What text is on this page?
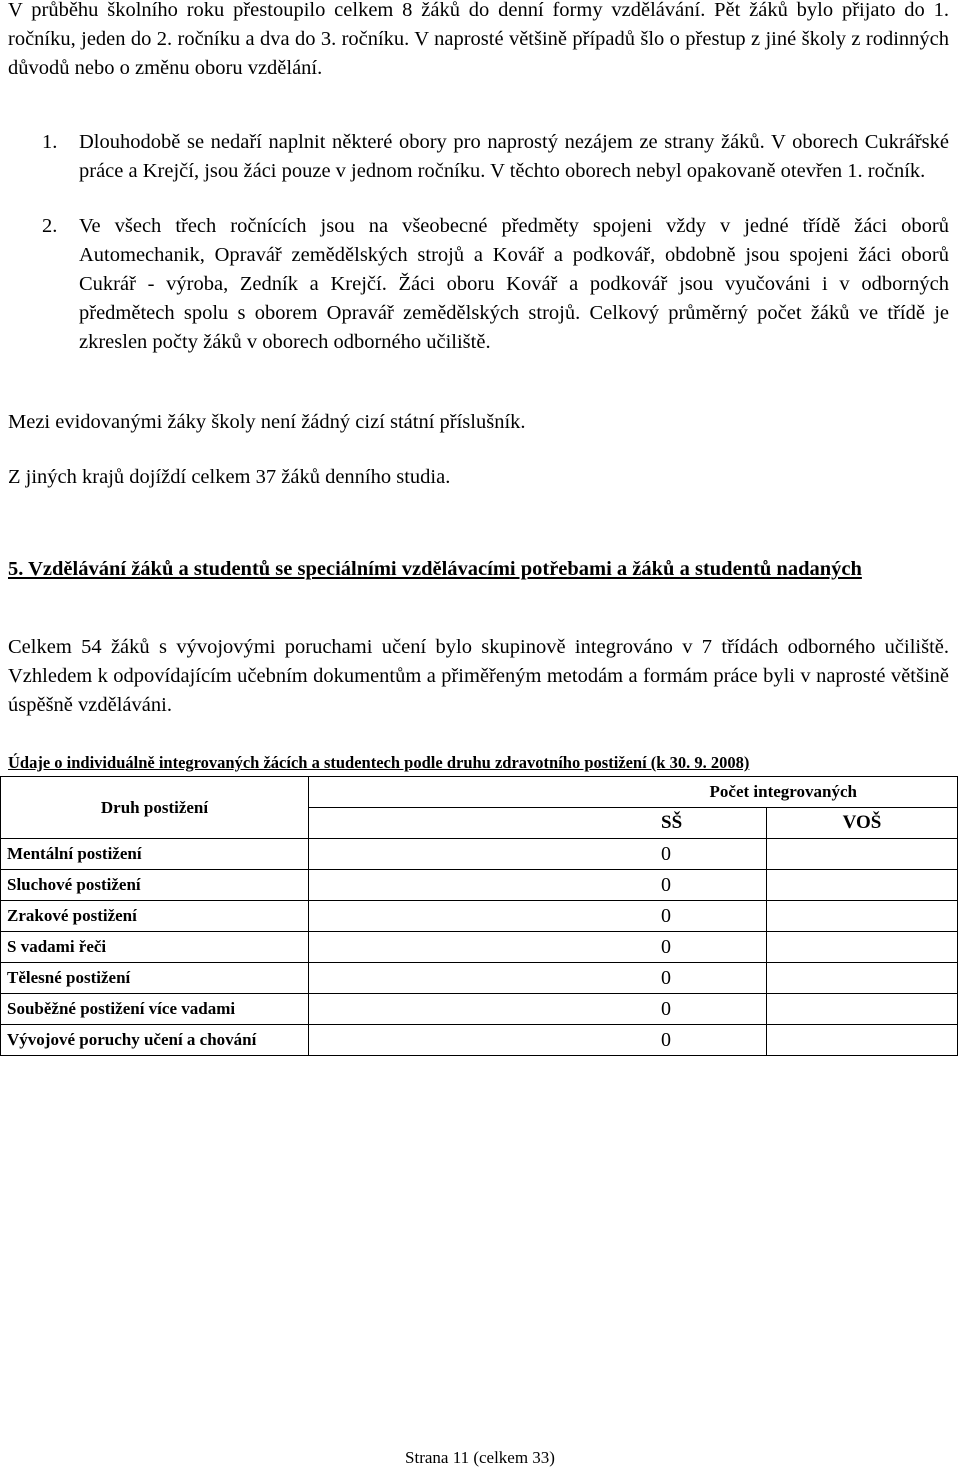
V průběhu školního roku přestoupilo celkem 8 žáků do denní formy vzdělávání. Pět žáků bylo přijato do 1. ročníku, jeden do 2. ročníku a dva do 3. ročníku. V naprosté většině případů šlo o přestup z jiné školy z rodinných důvodů nebo o změnu oboru vzdělání.

1.	Dlouhodobě se nedaří naplnit některé obory pro naprostý nezájem ze strany žáků. V oborech Cukrářské práce a Krejčí, jsou žáci pouze v jednom ročníku. V těchto oborech nebyl opakovaně otevřen 1. ročník.
2.	Ve všech třech ročnících jsou na všeobecné předměty spojeni vždy v jedné třídě žáci oborů Automechanik, Opravář zemědělských strojů a Kovář a podkovář, obdobně jsou spojeni žáci oborů Cukrář - výroba, Zedník a Krejčí. Žáci oboru Kovář a podkovář jsou vyučováni i v odborných předmětech spolu s oborem Opravář zemědělských strojů. Celkový průměrný počet žáků ve třídě je zkreslen počty žáků v oborech odborného učiliště.

Mezi evidovanými žáky školy není žádný cizí státní příslušník.

Z jiných krajů dojíždí celkem 37 žáků denního studia.

5. Vzdělávání žáků a studentů se speciálními vzdělávacími potřebami a žáků a studentů nadaných

Celkem 54 žáků s vývojovými poruchami učení bylo skupinově integrováno v 7 třídách odborného učiliště. Vzhledem k odpovídajícím učebním dokumentům a přiměřeným metodám a formám práce byli v naprosté většině úspěšně vzděláváni.

Údaje o individuálně integrovaných žácích a studentech podle druhu zdravotního postižení (k 30. 9. 2008)

Druh postižení	Počet integrovaných	
	SŠ	VOŠ
Mentální postižení	0	
Sluchové postižení	0	
Zrakové postižení	0	
S vadami řeči	0	
Tělesné postižení	0	
Souběžné postižení více vadami	0	
Vývojové poruchy učení a chování	0	
Strana 11 (celkem 33)
